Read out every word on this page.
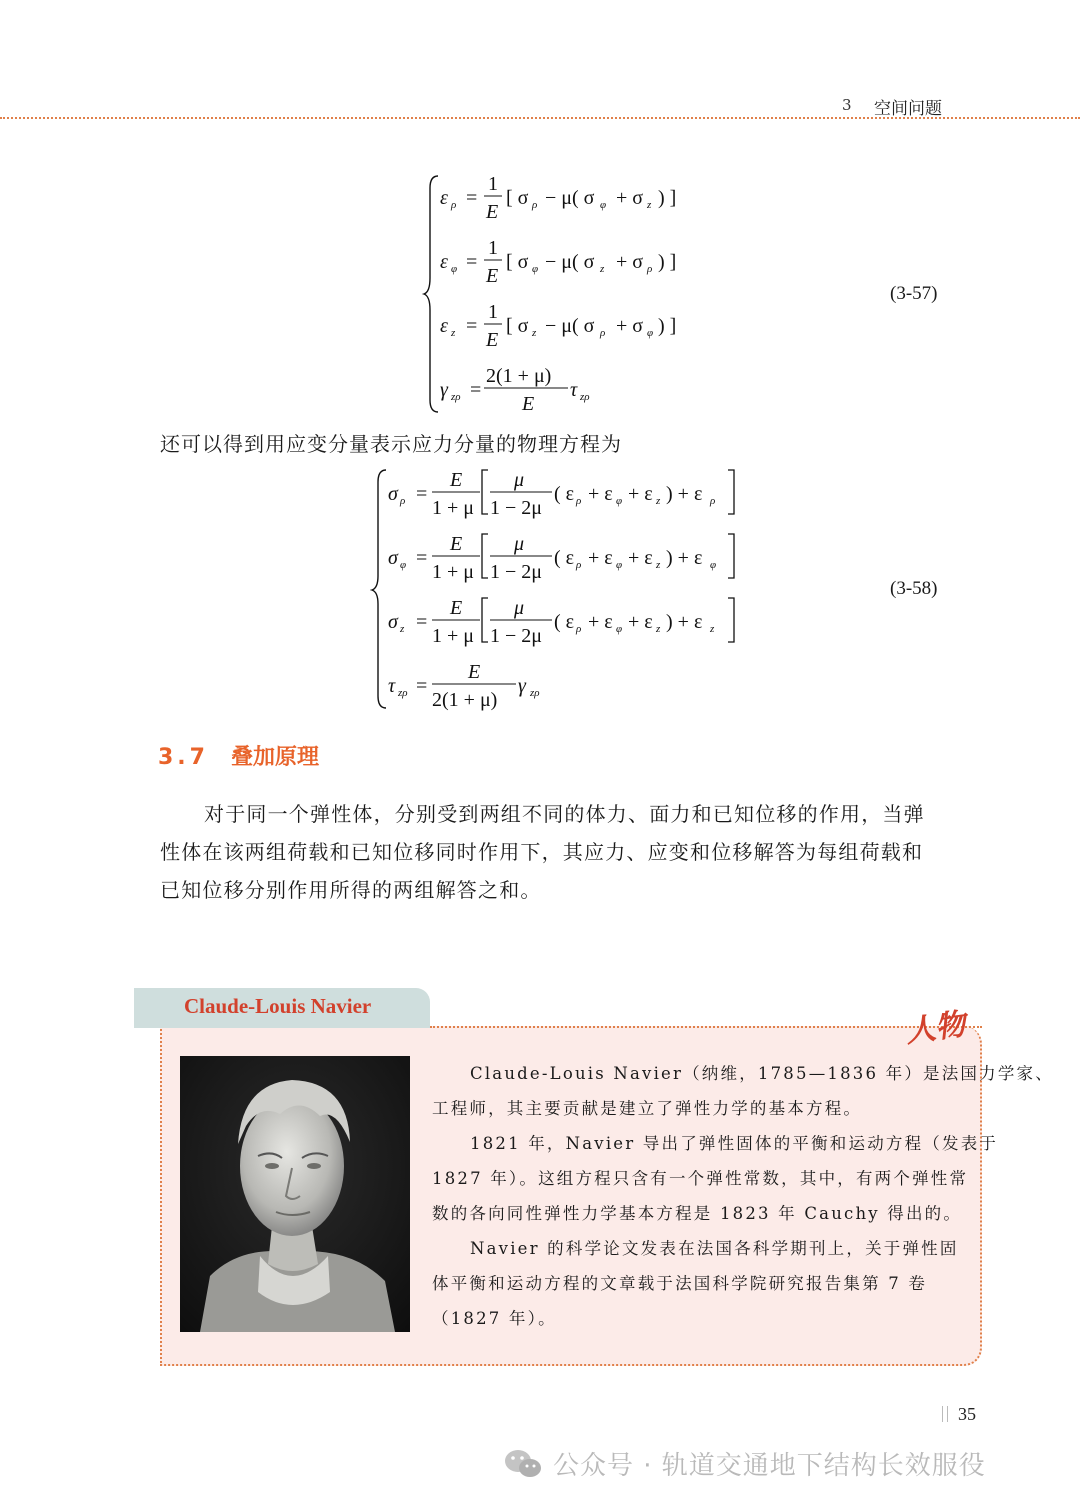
3 空间问题
ε ρ =
1
E
[ σ ρ − μ( σ φ + σ z ) ]
ε φ =
1
E
[ σ φ − μ( σ z + σ ρ ) ]
ε z =
1
E
[ σ z − μ( σ ρ + σ φ ) ]
γ zρ =
2(1 + μ)
E
τ zρ
(3-57)
还可以得到用应变分量表示应力分量的物理方程为
σ ρ =
E
1 + μ
μ
1 − 2μ
( ε ρ + ε φ + ε z ) + ε ρ
σ φ =
E
1 + μ
μ
1 − 2μ
( ε ρ + ε φ + ε z ) + ε φ
σ z =
E
1 + μ
μ
1 − 2μ
( ε ρ + ε φ + ε z ) + ε z
τ zρ =
E
2(1 + μ)
γ zρ
(3-58)
3.7 叠加原理
对于同一个弹性体，分别受到两组不同的体力、面力和已知位移的作用，当弹
性体在该两组荷载和已知位移同时作用下，其应力、应变和位移解答为每组荷载和
已知位移分别作用所得的两组解答之和。
Claude-Louis Navier
人物
Claude-Louis Navier（纳维，1785—1836 年）是法国力学家、
工程师，其主要贡献是建立了弹性力学的基本方程。
1821 年，Navier 导出了弹性固体的平衡和运动方程（发表于
1827 年）。这组方程只含有一个弹性常数，其中，有两个弹性常
数的各向同性弹性力学基本方程是 1823 年 Cauchy 得出的。
Navier 的科学论文发表在法国各科学期刊上，关于弹性固
体平衡和运动方程的文章载于法国科学院研究报告集第 7 卷
（1827 年）。
35
公众号 · 轨道交通地下结构长效服役
